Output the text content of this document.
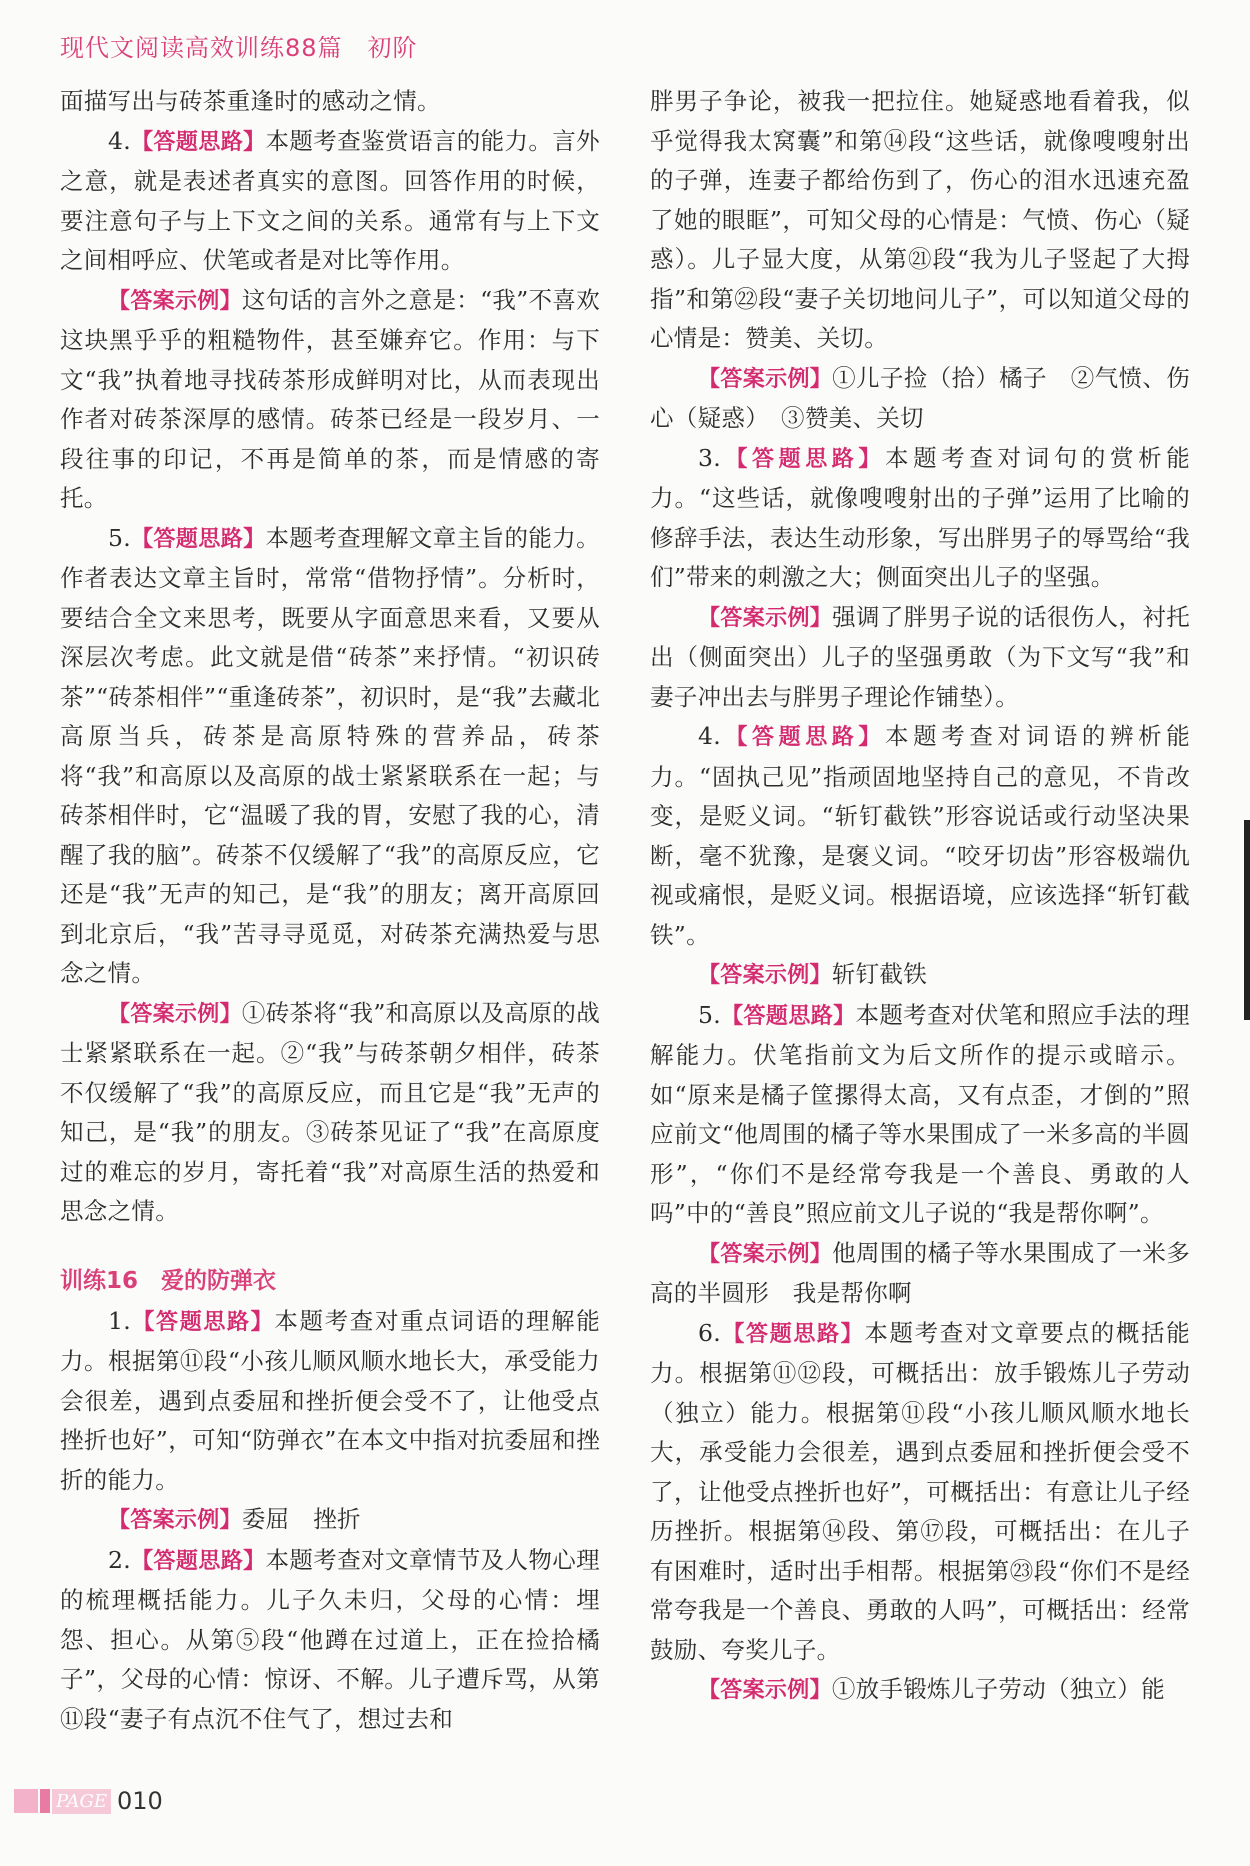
现代文阅读高效训练88篇　初阶

面描写出与砖茶重逢时的感动之情。

4.【答题思路】本题考查鉴赏语言的能力。言外之意，就是表述者真实的意图。回答作用的时候，要注意句子与上下文之间的关系。通常有与上下文之间相呼应、伏笔或者是对比等作用。

【答案示例】这句话的言外之意是：“我”不喜欢这块黑乎乎的粗糙物件，甚至嫌弃它。作用：与下文“我”执着地寻找砖茶形成鲜明对比，从而表现出作者对砖茶深厚的感情。砖茶已经是一段岁月、一段往事的印记，不再是简单的茶，而是情感的寄托。

5.【答题思路】本题考查理解文章主旨的能力。作者表达文章主旨时，常常“借物抒情”。分析时，要结合全文来思考，既要从字面意思来看，又要从深层次考虑。此文就是借“砖茶”来抒情。“初识砖茶”“砖茶相伴”“重逢砖茶”，初识时，是“我”去藏北高原当兵，砖茶是高原特殊的营养品，砖茶将“我”和高原以及高原的战士紧紧联系在一起；与砖茶相伴时，它“温暖了我的胃，安慰了我的心，清醒了我的脑”。砖茶不仅缓解了“我”的高原反应，它还是“我”无声的知己，是“我”的朋友；离开高原回到北京后，“我”苦寻寻觅觅，对砖茶充满热爱与思念之情。

【答案示例】①砖茶将“我”和高原以及高原的战士紧紧联系在一起。②“我”与砖茶朝夕相伴，砖茶不仅缓解了“我”的高原反应，而且它是“我”无声的知己，是“我”的朋友。③砖茶见证了“我”在高原度过的难忘的岁月，寄托着“我”对高原生活的热爱和思念之情。

训练16　爱的防弹衣

1.【答题思路】本题考查对重点词语的理解能力。根据第⑪段“小孩儿顺风顺水地长大，承受能力会很差，遇到点委屈和挫折便会受不了，让他受点挫折也好”，可知“防弹衣”在本文中指对抗委屈和挫折的能力。

【答案示例】委屈　挫折

2.【答题思路】本题考查对文章情节及人物心理的梳理概括能力。儿子久未归，父母的心情：埋怨、担心。从第⑤段“他蹲在过道上，正在捡拾橘子”，父母的心情：惊讶、不解。儿子遭斥骂，从第⑪段“妻子有点沉不住气了，想过去和

胖男子争论，被我一把拉住。她疑惑地看着我，似乎觉得我太窝囊”和第⑭段“这些话，就像嗖嗖射出的子弹，连妻子都给伤到了，伤心的泪水迅速充盈了她的眼眶”，可知父母的心情是：气愤、伤心（疑惑）。儿子显大度，从第㉑段“我为儿子竖起了大拇指”和第㉒段“妻子关切地问儿子”，可以知道父母的心情是：赞美、关切。

【答案示例】①儿子捡（拾）橘子　②气愤、伤心（疑惑）　③赞美、关切

3.【答题思路】本题考查对词句的赏析能力。“这些话，就像嗖嗖射出的子弹”运用了比喻的修辞手法，表达生动形象，写出胖男子的辱骂给“我们”带来的刺激之大；侧面突出儿子的坚强。

【答案示例】强调了胖男子说的话很伤人，衬托出（侧面突出）儿子的坚强勇敢（为下文写“我”和妻子冲出去与胖男子理论作铺垫）。

4.【答题思路】本题考查对词语的辨析能力。“固执己见”指顽固地坚持自己的意见，不肯改变，是贬义词。“斩钉截铁”形容说话或行动坚决果断，毫不犹豫，是褒义词。“咬牙切齿”形容极端仇视或痛恨，是贬义词。根据语境，应该选择“斩钉截铁”。

【答案示例】斩钉截铁

5.【答题思路】本题考查对伏笔和照应手法的理解能力。伏笔指前文为后文所作的提示或暗示。如“原来是橘子筐摞得太高，又有点歪，才倒的”照应前文“他周围的橘子等水果围成了一米多高的半圆形”，“你们不是经常夸我是一个善良、勇敢的人吗”中的“善良”照应前文儿子说的“我是帮你啊”。

【答案示例】他周围的橘子等水果围成了一米多高的半圆形　我是帮你啊

6.【答题思路】本题考查对文章要点的概括能力。根据第⑪⑫段，可概括出：放手锻炼儿子劳动（独立）能力。根据第⑪段“小孩儿顺风顺水地长大，承受能力会很差，遇到点委屈和挫折便会受不了，让他受点挫折也好”，可概括出：有意让儿子经历挫折。根据第⑭段、第⑰段，可概括出：在儿子有困难时，适时出手相帮。根据第㉓段“你们不是经常夸我是一个善良、勇敢的人吗”，可概括出：经常鼓励、夸奖儿子。

【答案示例】①放手锻炼儿子劳动（独立）能

PAGE 010
